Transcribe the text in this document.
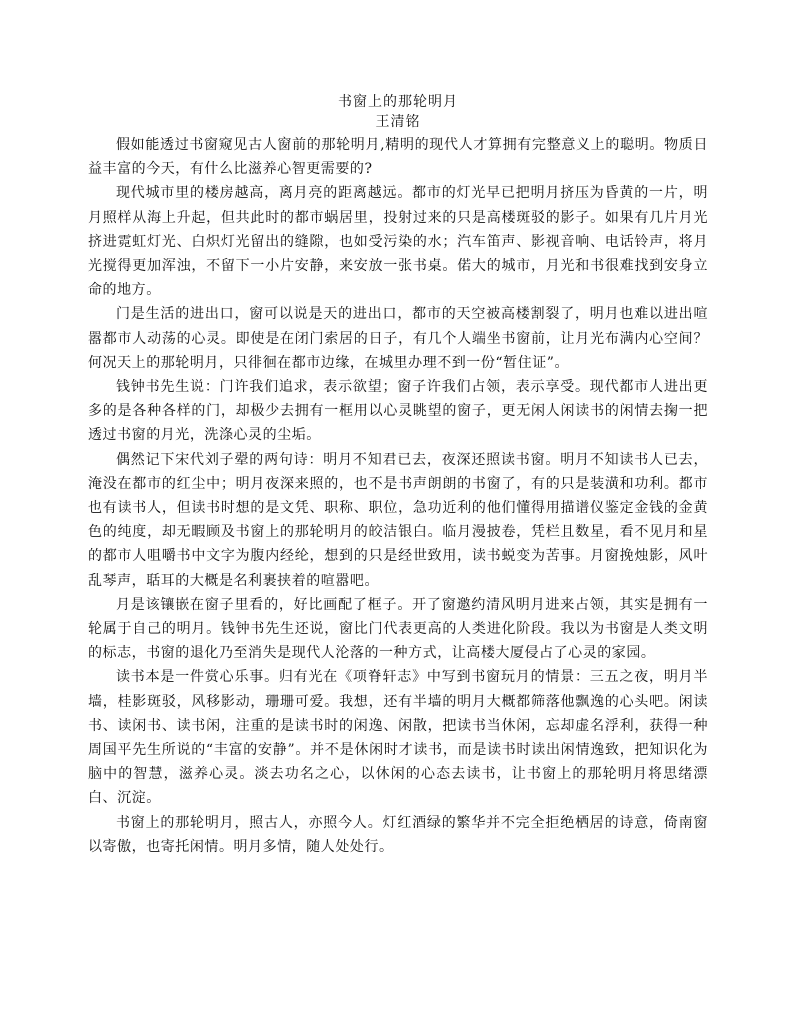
书窗上的那轮明月
王清铭

假如能透过书窗窥见古人窗前的那轮明月,精明的现代人才算拥有完整意义上的聪明。物质日益丰富的今天，有什么比滋养心智更需要的?

现代城市里的楼房越高，离月亮的距离越远。都市的灯光早已把明月挤压为昏黄的一片，明月照样从海上升起，但共此时的都市蜗居里，投射过来的只是高楼斑驳的影子。如果有几片月光挤进霓虹灯光、白炽灯光留出的缝隙，也如受污染的水；汽车笛声、影视音响、电话铃声，将月光搅得更加浑浊，不留下一小片安静，来安放一张书桌。偌大的城市，月光和书很难找到安身立命的地方。

门是生活的进出口，窗可以说是天的进出口，都市的天空被高楼割裂了，明月也难以进出喧嚣都市人动荡的心灵。即使是在闭门索居的日子，有几个人端坐书窗前，让月光布满内心空间？何况天上的那轮明月，只徘徊在都市边缘，在城里办理不到一份“暂住证”。

钱钟书先生说：门许我们追求，表示欲望；窗子许我们占领，表示享受。现代都市人进出更多的是各种各样的门，却极少去拥有一框用以心灵眺望的窗子，更无闲人闲读书的闲情去掬一把透过书窗的月光，洗涤心灵的尘垢。

偶然记下宋代刘子翚的两句诗：明月不知君已去，夜深还照读书窗。明月不知读书人已去，淹没在都市的红尘中；明月夜深来照的，也不是书声朗朗的书窗了，有的只是装潢和功利。都市也有读书人，但读书时想的是文凭、职称、职位，急功近利的他们懂得用描谱仪鉴定金钱的金黄色的纯度，却无暇顾及书窗上的那轮明月的皎洁银白。临月漫披卷，凭栏且数星，看不见月和星的都市人咀嚼书中文字为腹内经纶，想到的只是经世致用，读书蜕变为苦事。月窗挽烛影，风叶乱琴声，聒耳的大概是名利裹挟着的喧嚣吧。

月是该镶嵌在窗子里看的，好比画配了框子。开了窗邀约清风明月进来占领，其实是拥有一轮属于自己的明月。钱钟书先生还说，窗比门代表更高的人类进化阶段。我以为书窗是人类文明的标志，书窗的退化乃至消失是现代人沦落的一种方式，让高楼大厦侵占了心灵的家园。

读书本是一件赏心乐事。归有光在《项脊轩志》中写到书窗玩月的情景：三五之夜，明月半墙，桂影斑驳，风移影动，珊珊可爱。我想，还有半墙的明月大概都筛落他飘逸的心头吧。闲读书、读闲书、读书闲，注重的是读书时的闲逸、闲散，把读书当休闲，忘却虚名浮利，获得一种周国平先生所说的“丰富的安静”。并不是休闲时才读书，而是读书时读出闲情逸致，把知识化为脑中的智慧，滋养心灵。淡去功名之心，以休闲的心态去读书，让书窗上的那轮明月将思绪漂白、沉淀。

书窗上的那轮明月，照古人，亦照今人。灯红酒绿的繁华并不完全拒绝栖居的诗意，倚南窗以寄傲，也寄托闲情。明月多情，随人处处行。
